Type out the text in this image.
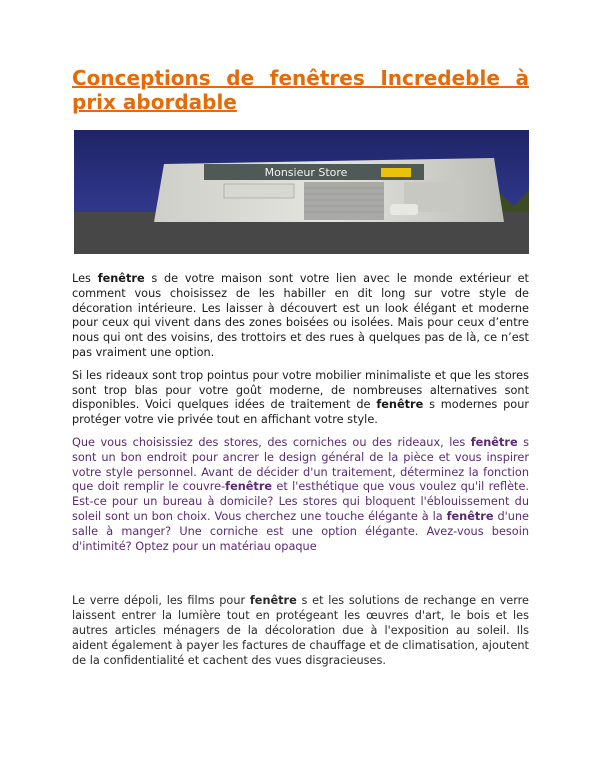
Conceptions de fenêtres Incredeble à prix abordable
Monsieur Store

Les fenêtre s de votre maison sont votre lien avec le monde extérieur et comment vous choisissez de les habiller en dit long sur votre style de décoration intérieure. Les laisser à découvert est un look élégant et moderne pour ceux qui vivent dans des zones boisées ou isolées. Mais pour ceux d’entre nous qui ont des voisins, des trottoirs et des rues à quelques pas de là, ce n’est pas vraiment une option.

Si les rideaux sont trop pointus pour votre mobilier minimaliste et que les stores sont trop blas pour votre goût moderne, de nombreuses alternatives sont disponibles. Voici quelques idées de traitement de fenêtre s modernes pour protéger votre vie privée tout en affichant votre style.

Que vous choisissiez des stores, des corniches ou des rideaux, les fenêtre s sont un bon endroit pour ancrer le design général de la pièce et vous inspirer votre style personnel. Avant de décider d'un traitement, déterminez la fonction que doit remplir le couvre-fenêtre et l'esthétique que vous voulez qu'il reflète. Est-ce pour un bureau à domicile? Les stores qui bloquent l'éblouissement du soleil sont un bon choix. Vous cherchez une touche élégante à la fenêtre d'une salle à manger? Une corniche est une option élégante. Avez-vous besoin d'intimité? Optez pour un matériau opaque

Le verre dépoli, les films pour fenêtre s et les solutions de rechange en verre laissent entrer la lumière tout en protégeant les œuvres d'art, le bois et les autres articles ménagers de la décoloration due à l'exposition au soleil. Ils aident également à payer les factures de chauffage et de climatisation, ajoutent de la confidentialité et cachent des vues disgracieuses.
